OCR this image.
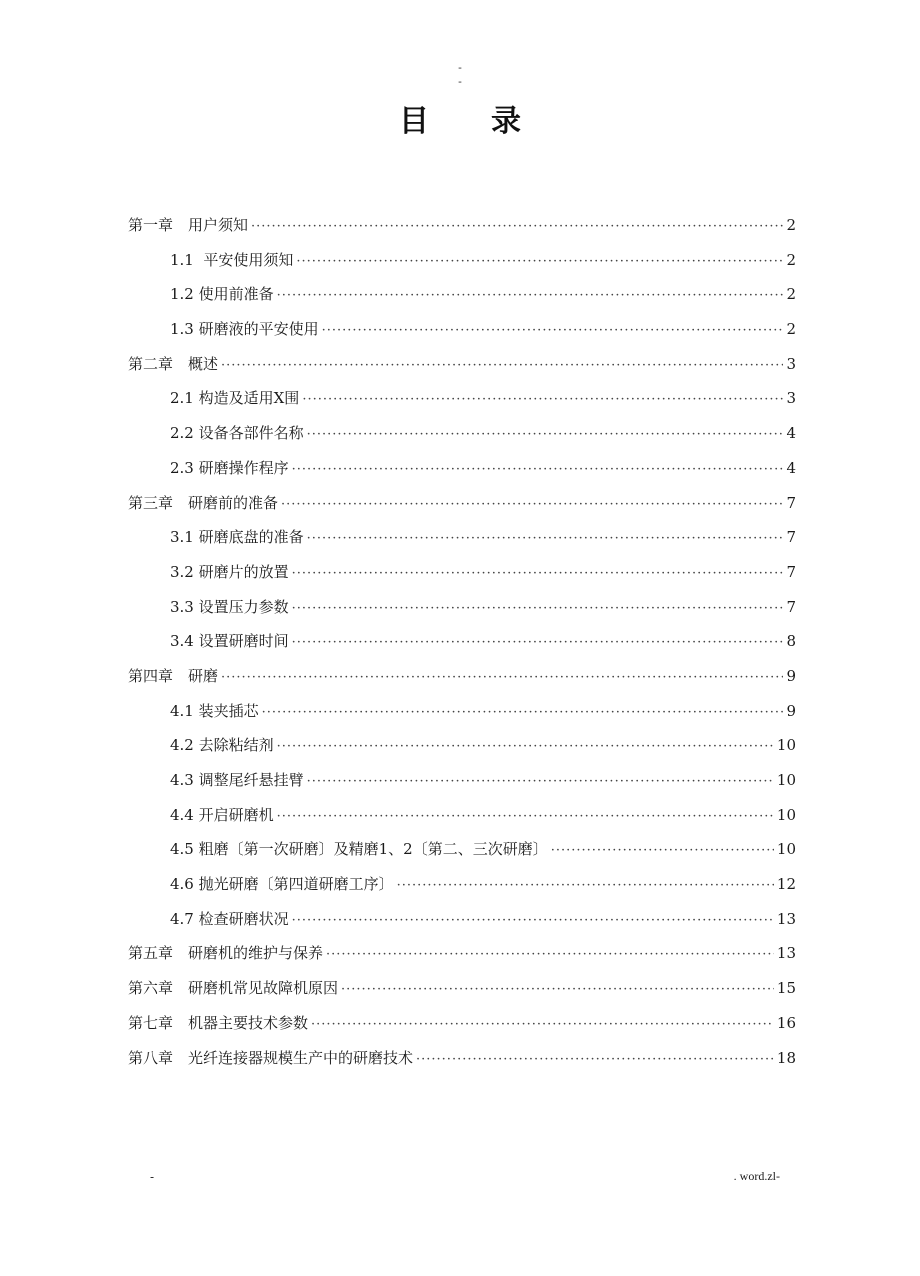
-
-
目 录
第一章　用户须知 ·····	2
1.1  平安使用须知 ·····	2
1.2 使用前准备 ·····	2
1.3 研磨液的平安使用 ·····	2
第二章　概述 ·····	3
2.1 构造及适用X围 ·····	3
2.2 设备各部件名称 ·····	4
2.3 研磨操作程序 ·····	4
第三章　研磨前的准备 ·····	7
3.1 研磨底盘的准备 ·····	7
3.2 研磨片的放置 ·····	7
3.3 设置压力参数 ·····	7
3.4 设置研磨时间 ·····	8
第四章　研磨 ·····	9
4.1 装夹插芯 ·····	9
4.2 去除粘结剂 ·····	10
4.3 调整尾纤悬挂臂 ·····	10
4.4 开启研磨机 ·····	10
4.5 粗磨〔第一次研磨〕及精磨1、2〔第二、三次研磨〕 ·····	10
4.6 抛光研磨〔第四道研磨工序〕 ·····	12
4.7 检查研磨状况 ·····	13
第五章　研磨机的维护与保养 ·····	13
第六章　研磨机常见故障机原因 ·····	15
第七章　机器主要技术参数 ·····	16
第八章　光纤连接器规模生产中的研磨技术 ·····	18
-	. word.zl-
